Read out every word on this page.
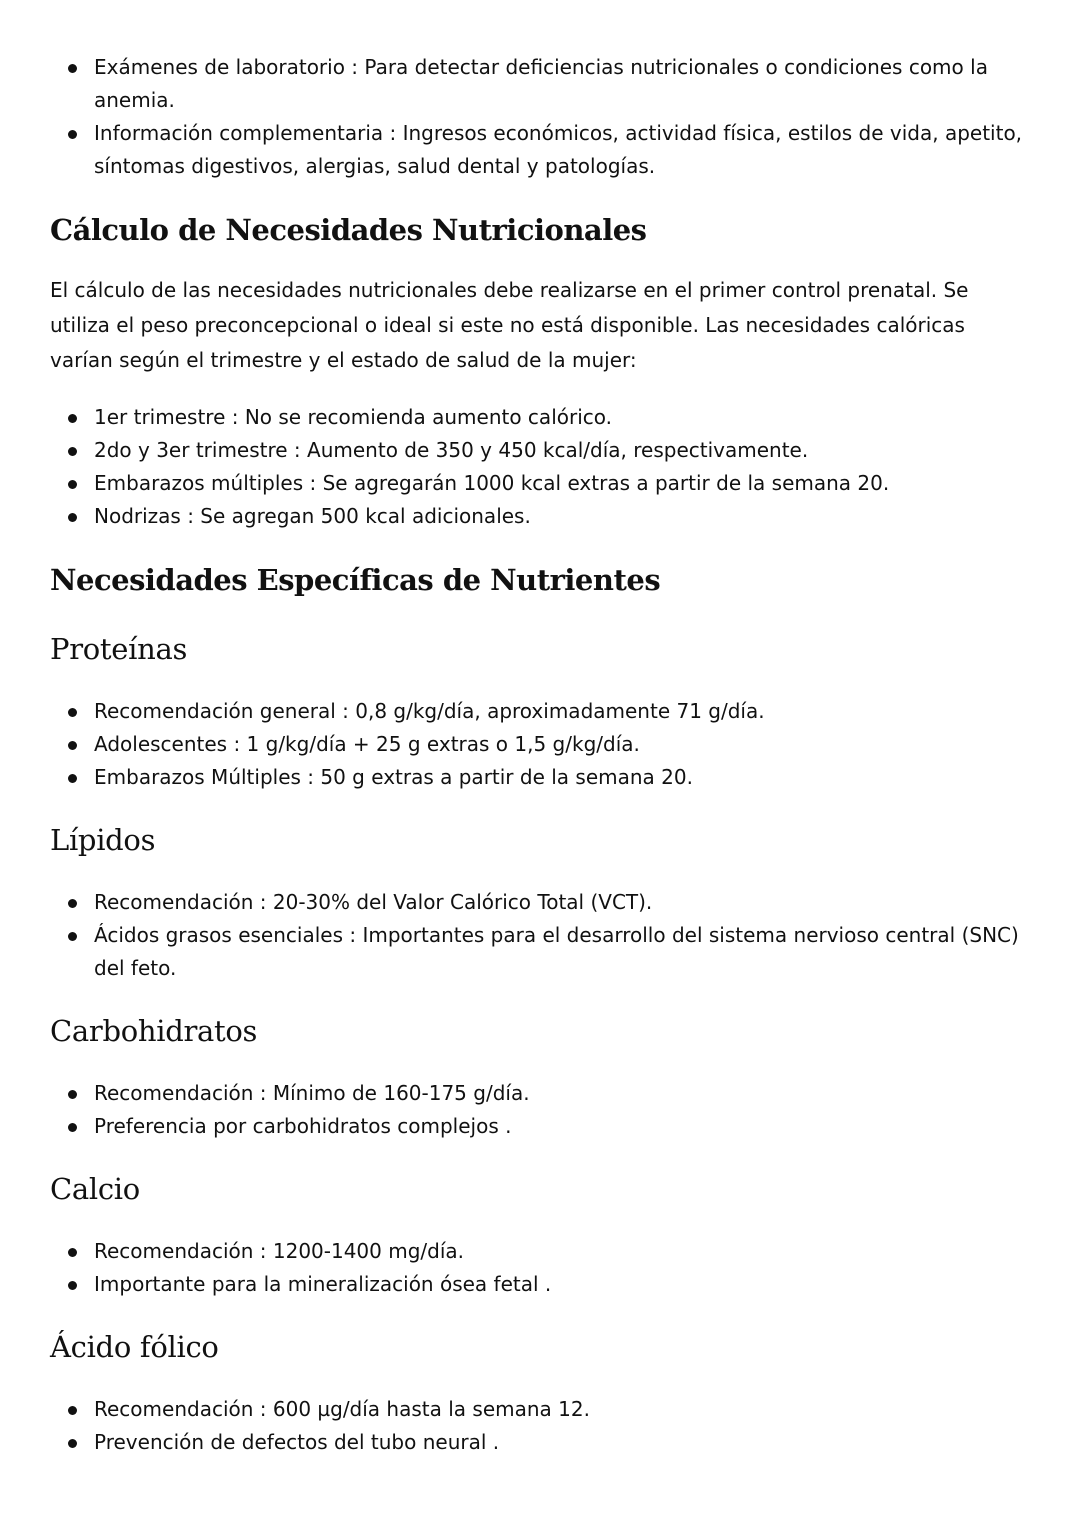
Exámenes de laboratorio : Para detectar deficiencias nutricionales o condiciones como la anemia.
Información complementaria : Ingresos económicos, actividad física, estilos de vida, apetito, síntomas digestivos, alergias, salud dental y patologías.
Cálculo de Necesidades Nutricionales

El cálculo de las necesidades nutricionales debe realizarse en el primer control prenatal. Se utiliza el peso preconcepcional o ideal si este no está disponible. Las necesidades calóricas varían según el trimestre y el estado de salud de la mujer:

1er trimestre : No se recomienda aumento calórico.
2do y 3er trimestre : Aumento de 350 y 450 kcal/día, respectivamente.
Embarazos múltiples : Se agregarán 1000 kcal extras a partir de la semana 20.
Nodrizas : Se agregan 500 kcal adicionales.
Necesidades Específicas de Nutrientes
Proteínas
Recomendación general : 0,8 g/kg/día, aproximadamente 71 g/día.
Adolescentes : 1 g/kg/día + 25 g extras o 1,5 g/kg/día.
Embarazos Múltiples : 50 g extras a partir de la semana 20.
Lípidos
Recomendación : 20-30% del Valor Calórico Total (VCT).
Ácidos grasos esenciales : Importantes para el desarrollo del sistema nervioso central (SNC) del feto.
Carbohidratos
Recomendación : Mínimo de 160-175 g/día.
Preferencia por carbohidratos complejos .
Calcio
Recomendación : 1200-1400 mg/día.
Importante para la mineralización ósea fetal .
Ácido fólico
Recomendación : 600 µg/día hasta la semana 12.
Prevención de defectos del tubo neural .
